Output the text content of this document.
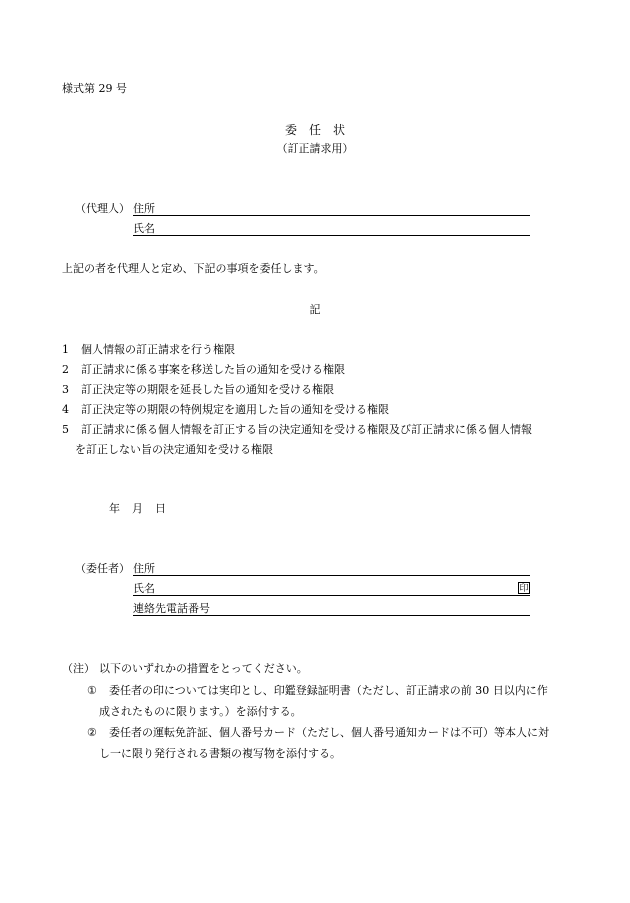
様式第 29 号
委　任　状
（訂正請求用）
（代理人） 住所
氏名
上記の者を代理人と定め、下記の事項を委任します。
記
1 個人情報の訂正請求を行う権限
2 訂正請求に係る事案を移送した旨の通知を受ける権限
3 訂正決定等の期限を延長した旨の通知を受ける権限
4 訂正決定等の期限の特例規定を適用した旨の通知を受ける権限
5 訂正請求に係る個人情報を訂正する旨の決定通知を受ける権限及び訂正請求に係る個人情報
を訂正しない旨の決定通知を受ける権限
年 月 日
（委任者） 住所
氏名	印
連絡先電話番号
（注） 以下のいずれかの措置をとってください。
① 委任者の印については実印とし、印鑑登録証明書（ただし、訂正請求の前 30 日以内に作
成されたものに限ります。）を添付する。
② 委任者の運転免許証、個人番号カード（ただし、個人番号通知カードは不可）等本人に対
し一に限り発行される書類の複写物を添付する。
